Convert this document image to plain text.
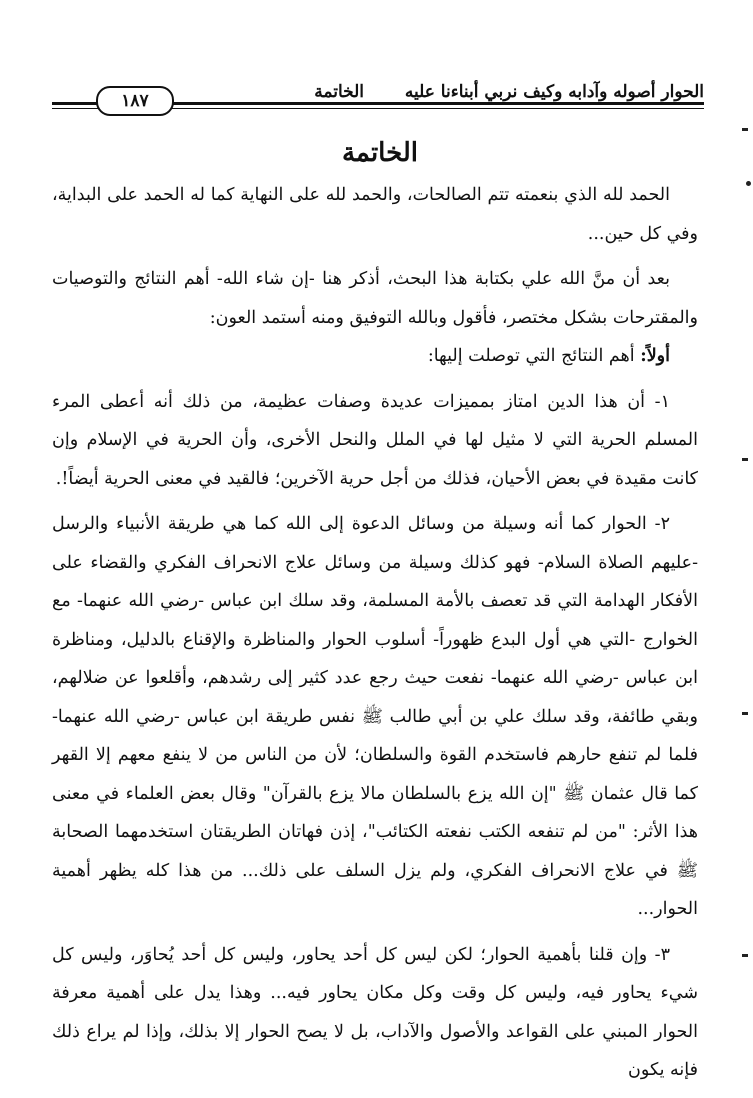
الحوار أصوله وآدابه وكيف نربي أبناءنا عليه
الخاتمة
١٨٧
الخاتمة

الحمد لله الذي بنعمته تتم الصالحات، والحمد لله على النهاية كما له الحمد على البداية، وفي كل حين...

بعد أن منَّ الله علي بكتابة هذا البحث، أذكر هنا -إن شاء الله- أهم النتائج والتوصيات والمقترحات بشكل مختصر، فأقول وبالله التوفيق ومنه أستمد العون:

أولاً: أهم النتائج التي توصلت إليها:

١- أن هذا الدين امتاز بمميزات عديدة وصفات عظيمة، من ذلك أنه أعطى المرء المسلم الحرية التي لا مثيل لها في الملل والنحل الأخرى، وأن الحرية في الإسلام وإن كانت مقيدة في بعض الأحيان، فذلك من أجل حرية الآخرين؛ فالقيد في معنى الحرية أيضاً!.

٢- الحوار كما أنه وسيلة من وسائل الدعوة إلى الله كما هي طريقة الأنبياء والرسل -عليهم الصلاة السلام- فهو كذلك وسيلة من وسائل علاج الانحراف الفكري والقضاء على الأفكار الهدامة التي قد تعصف بالأمة المسلمة، وقد سلك ابن عباس -رضي الله عنهما- مع الخوارج -التي هي أول البدع ظهوراً- أسلوب الحوار والمناظرة والإقناع بالدليل، ومناظرة ابن عباس -رضي الله عنهما- نفعت حيث رجع عدد كثير إلى رشدهم، وأقلعوا عن ضلالهم، وبقي طائفة، وقد سلك علي بن أبي طالب ﷺ نفس طريقة ابن عباس -رضي الله عنهما- فلما لم تنفع حارهم فاستخدم القوة والسلطان؛ لأن من الناس من لا ينفع معهم إلا القهر كما قال عثمان ﷺ "إن الله يزع بالسلطان مالا يزع بالقرآن" وقال بعض العلماء في معنى هذا الأثر: "من لم تنفعه الكتب نفعته الكتائب"، إذن فهاتان الطريقتان استخدمهما الصحابة ﷺ في علاج الانحراف الفكري، ولم يزل السلف على ذلك... من هذا كله يظهر أهمية الحوار...

٣- وإن قلنا بأهمية الحوار؛ لكن ليس كل أحد يحاور، وليس كل أحد يُحاوَر، وليس كل شيء يحاور فيه، وليس كل وقت وكل مكان يحاور فيه... وهذا يدل على أهمية معرفة الحوار المبني على القواعد والأصول والآداب، بل لا يصح الحوار إلا بذلك، وإذا لم يراع ذلك فإنه يكون
